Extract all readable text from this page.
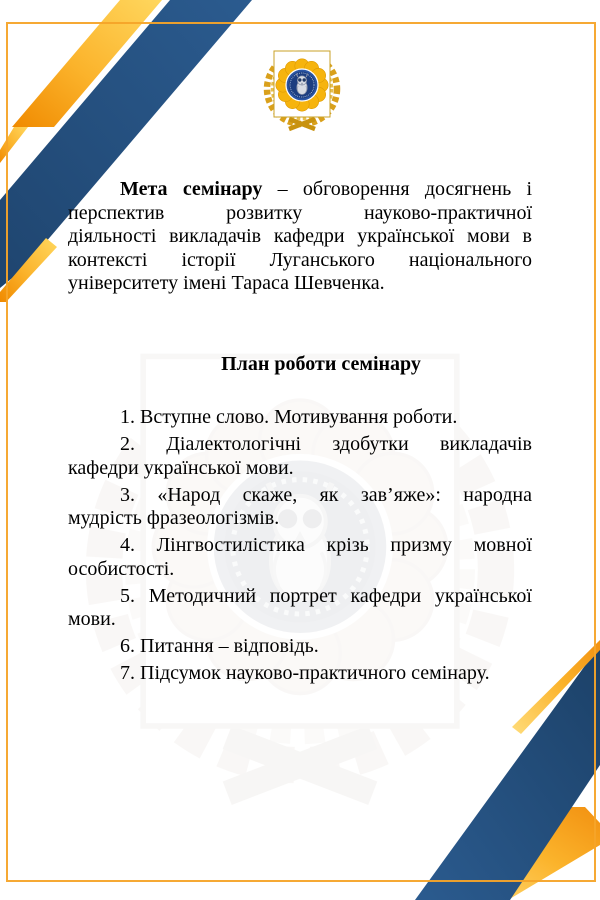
Мета семінару – обговорення досягнень і
перспектив розвитку науково-практичної
діяльності викладачів кафедри української мови в
контексті історії Луганського національного
університету імені Тараса Шевченка.
План роботи семінару
1. Вступне слово. Мотивування роботи.
2. Діалектологічні здобутки викладачів
кафедри української мови.
3. «Народ скаже, як зав’яже»: народна
мудрість фразеологізмів.
4. Лінгвостилістика крізь призму мовної
особистості.
5. Методичний портрет кафедри української
мови.
6. Питання – відповідь.
7. Підсумок науково-практичного семінару.
